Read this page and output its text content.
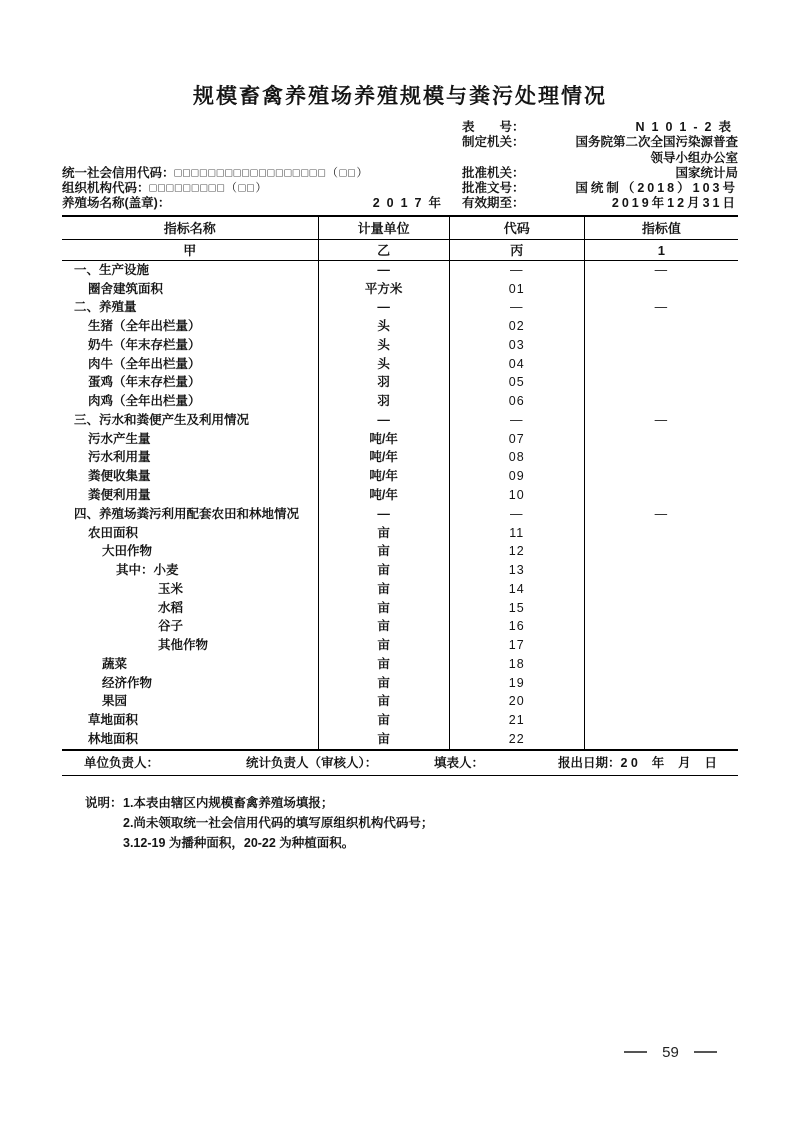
规模畜禽养殖场养殖规模与粪污处理情况
表　　号：	N101-2表
制定机关：	国务院第二次全国污染源普查
领导小组办公室
统一社会信用代码： □□□□□□□□□□□□□□□□□□（□□）	批准机关：	国家统计局
组织机构代码： □□□□□□□□□（□□）	批准文号：	国统制（2018）103号
养殖场名称(盖章)：	2017年	有效期至：	2019年12月31日
指标名称	计量单位	代码	指标值
甲	乙	丙	1
一、生产设施	—	—	—
圈舍建筑面积	平方米	01
二、养殖量	—	—	—
生猪（全年出栏量）	头	02
奶牛（年末存栏量）	头	03
肉牛（全年出栏量）	头	04
蛋鸡（年末存栏量）	羽	05
肉鸡（全年出栏量）	羽	06
三、污水和粪便产生及利用情况	—	—	—
污水产生量	吨/年	07
污水利用量	吨/年	08
粪便收集量	吨/年	09
粪便利用量	吨/年	10
四、养殖场粪污利用配套农田和林地情况	—	—	—
农田面积	亩	11
大田作物	亩	12
其中：小麦	亩	13
玉米	亩	14
水稻	亩	15
谷子	亩	16
其他作物	亩	17
蔬菜	亩	18
经济作物	亩	19
果园	亩	20
草地面积	亩	21
林地面积	亩	22
单位负责人：	统计负责人（审核人）：	填表人：	报出日期：2 0    年    月    日
说明： 1.本表由辖区内规模畜禽养殖场填报；
2.尚未领取统一社会信用代码的填写原组织机构代码号；
3.12-19 为播种面积，20-22 为种植面积。
59
